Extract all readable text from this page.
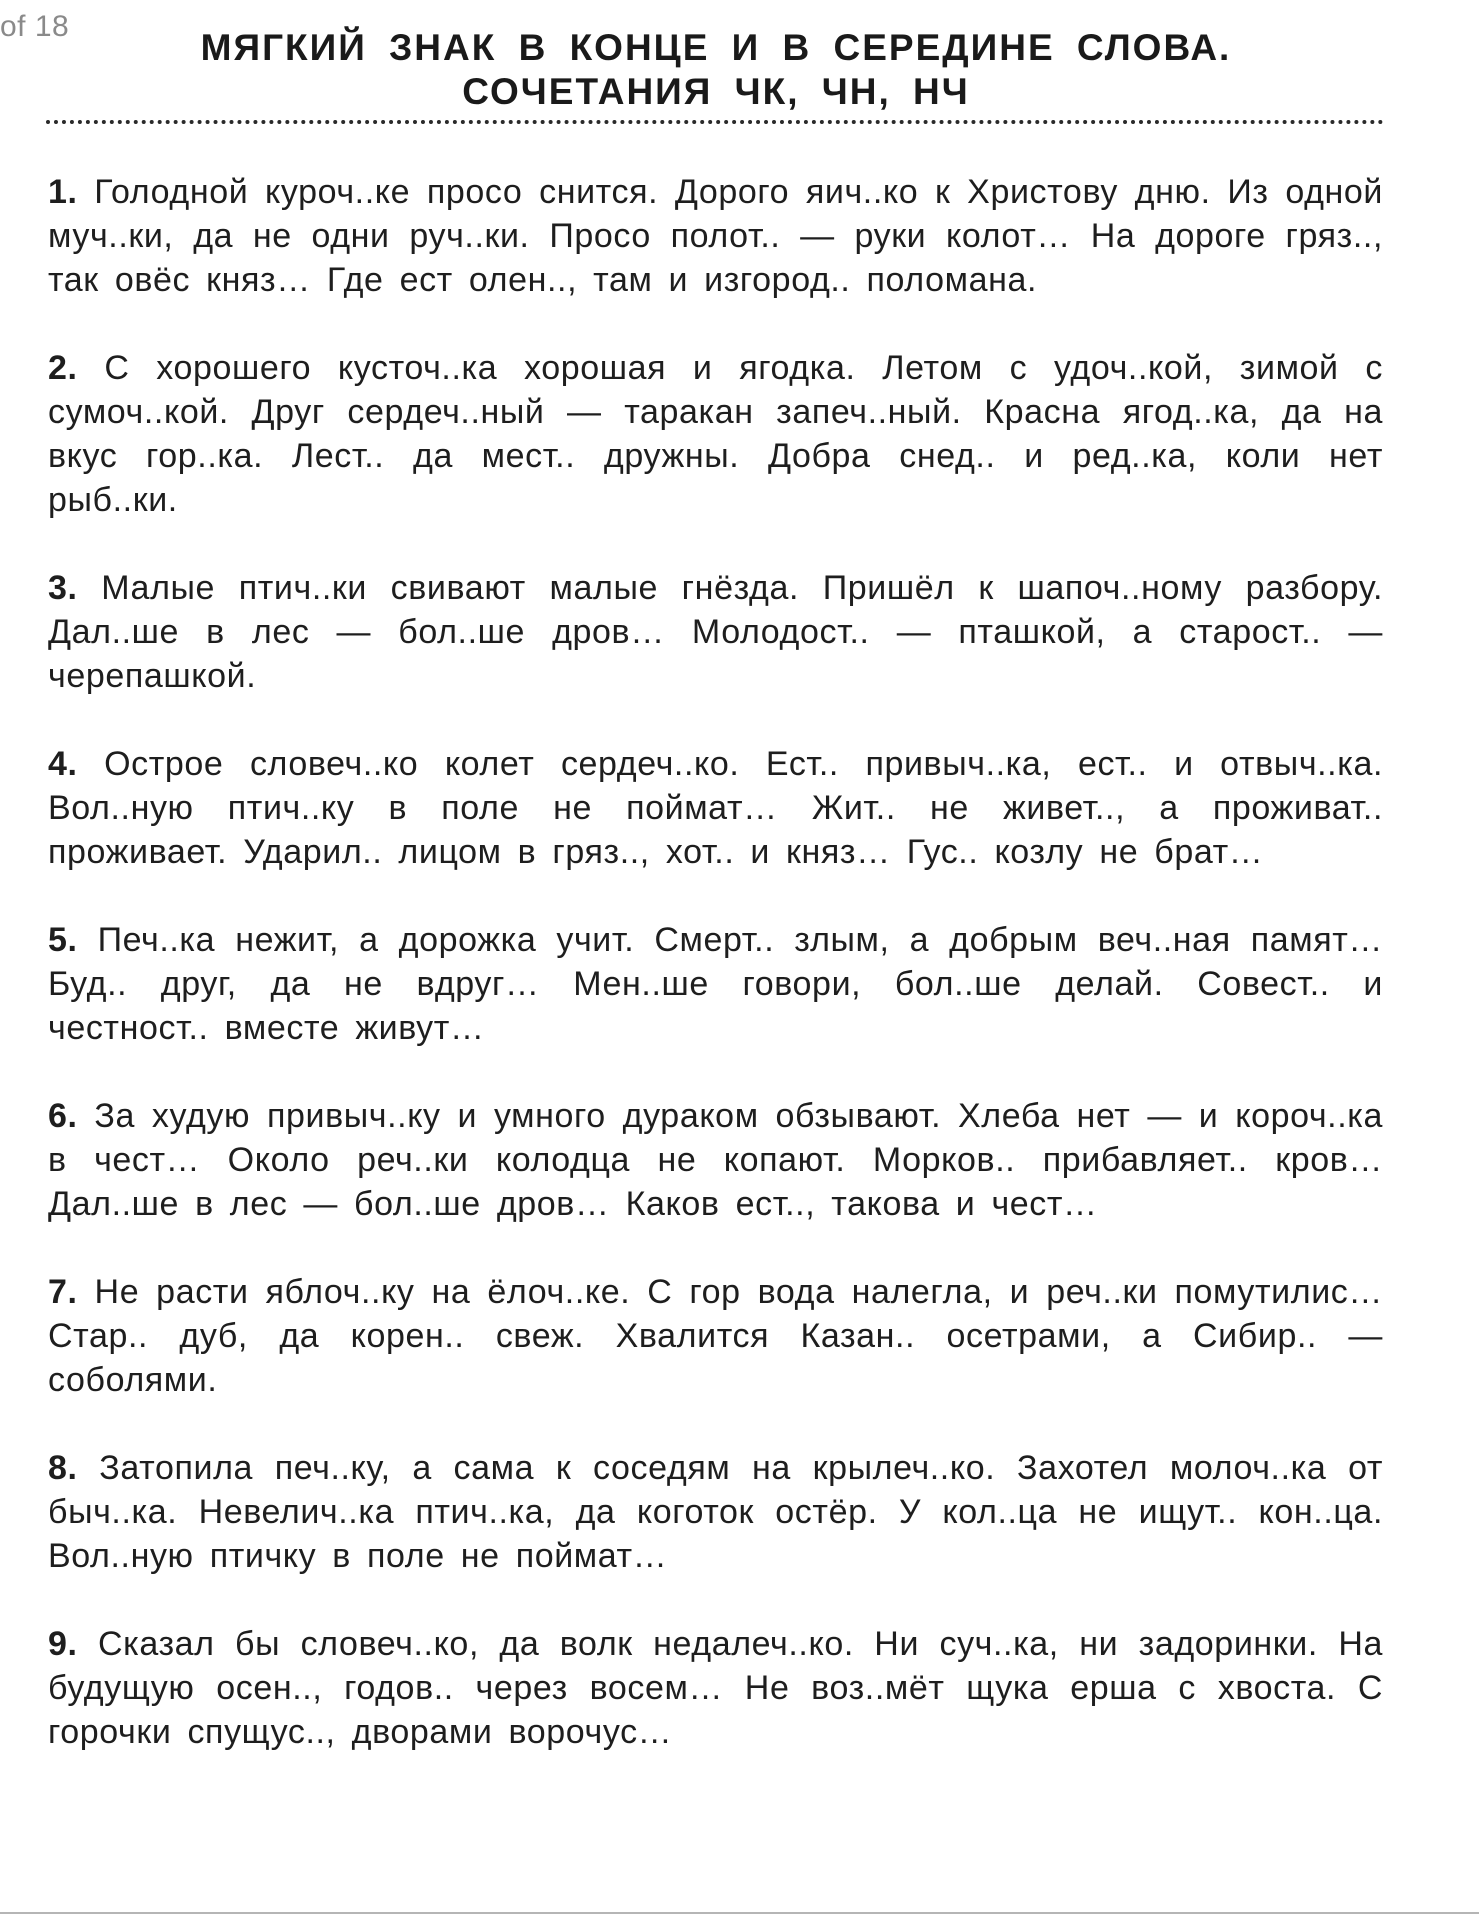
of 18
МЯГКИЙ ЗНАК В КОНЦЕ И В СЕРЕДИНЕ СЛОВА.
СОЧЕТАНИЯ ЧК, ЧН, НЧ

1. Голодной куроч..ке просо снится. Дорого яич..ко к Христову дню. Из одной муч..ки, да не одни руч..ки. Просо полот.. — руки колот… На дороге гряз.., так овёс княз… Где ест олен.., там и изгород.. поломана.

2. С хорошего кусточ..ка хорошая и ягодка. Летом с удоч..кой, зимой с сумоч..кой. Друг сердеч..ный — таракан запеч..ный. Красна ягод..ка, да на вкус гор..ка. Лест.. да мест.. дружны. Добра снед.. и ред..ка, коли нет рыб..ки.

3. Малые птич..ки свивают малые гнёзда. Пришёл к шапоч..ному разбору. Дал..ше в лес — бол..ше дров… Молодост.. — пташкой, а старост.. — черепашкой.

4. Острое словеч..ко колет сердеч..ко. Ест.. привыч..ка, ест.. и отвыч..ка. Вол..ную птич..ку в поле не поймат… Жит.. не живет.., а проживат.. проживает. Ударил.. лицом в гряз.., хот.. и княз… Гус.. козлу не брат…

5. Печ..ка нежит, а дорожка учит. Смерт.. злым, а добрым веч..ная памят… Буд.. друг, да не вдруг… Мен..ше говори, бол..ше делай. Совест.. и честност.. вместе живут…

6. За худую привыч..ку и умного дураком обзывают. Хлеба нет — и короч..ка в чест… Около реч..ки колодца не копают. Морков.. прибавляет.. кров… Дал..ше в лес — бол..ше дров… Каков ест.., такова и чест…

7. Не расти яблоч..ку на ёлоч..ке. С гор вода налегла, и реч..ки помутилис… Стар.. дуб, да корен.. свеж. Хвалится Казан.. осетрами, а Сибир.. — соболями.

8. Затопила печ..ку, а сама к соседям на крылеч..ко. Захотел молоч..ка от быч..ка. Невелич..ка птич..ка, да коготок остёр. У кол..ца не ищут.. кон..ца. Вол..ную птичку в поле не поймат…

9. Сказал бы словеч..ко, да волк недалеч..ко. Ни суч..ка, ни задоринки. На будущую осен.., годов.. через восем… Не воз..мёт щука ерша с хвоста. С горочки спущус.., дворами ворочус…
